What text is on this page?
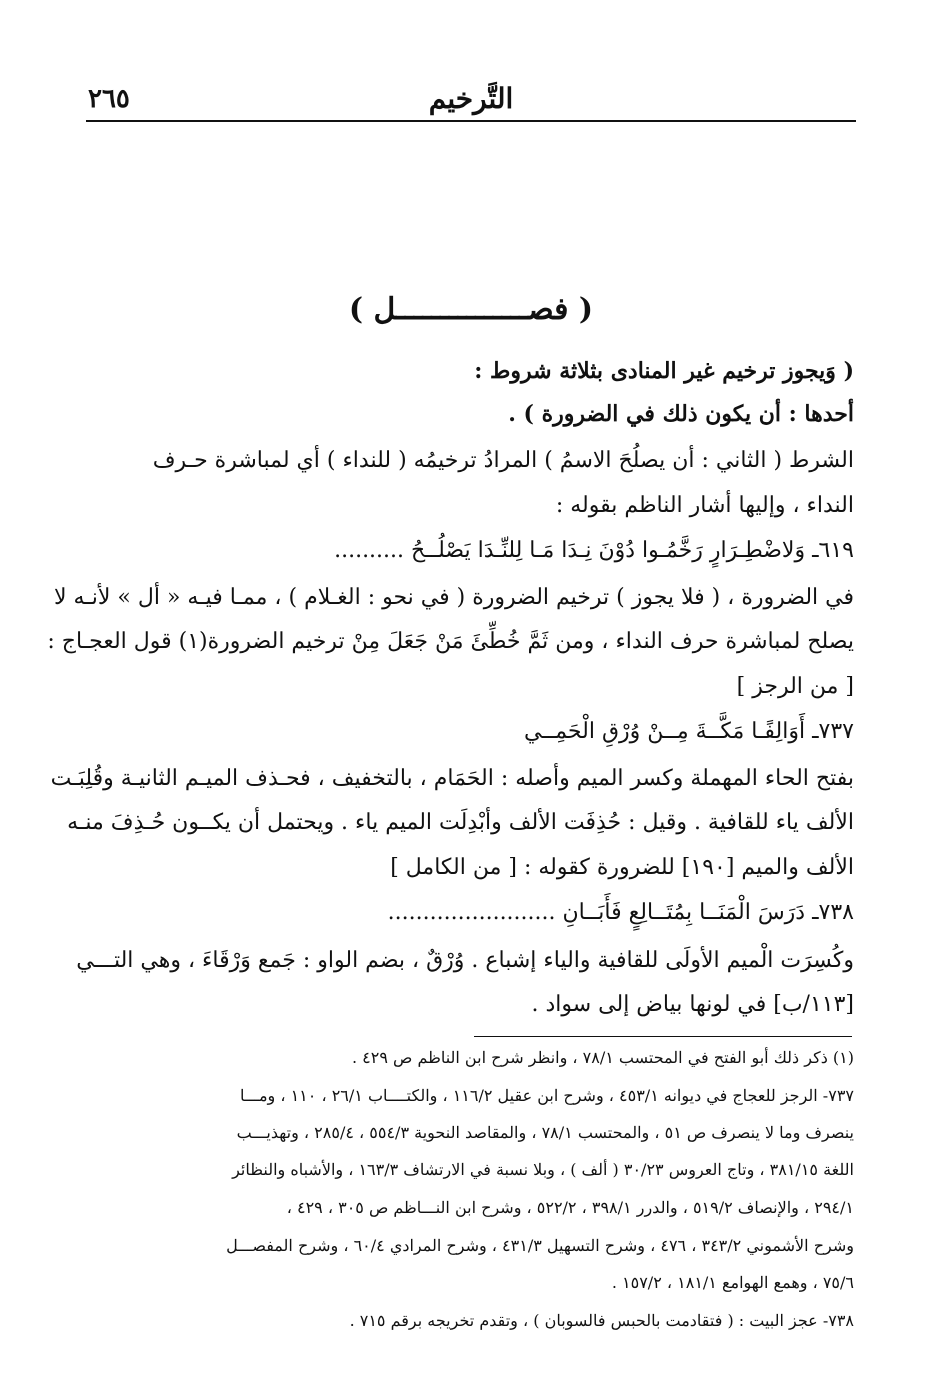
٢٦٥	التَّرخيم
( فصـــــــــــــــل )
( وَيجوز ترخيم غير المنادى بثلاثة شروط :
أحدها : أن يكون ذلك في الضرورة ) .
الشرط ( الثاني : أن يصلُحَ الاسمُ ) المرادُ ترخيمُه ( للنداء ) أي لمباشرة حـرف
النداء ، وإليها أشار الناظم بقوله :
٦١٩ـ وَلاضْطِـرَارٍ رَخَّمُـوا دُوْنَ نِـدَا مَـا لِلنِّـدَا يَصْلُــحُ ..........
في الضرورة ، ( فلا يجوز ) ترخيم الضرورة ( في نحو : الغـلام ) ، ممـا فيـه « أل » لأنـه لا
يصلح لمباشرة حرف النداء ، ومن ثَمَّ خُطِّئَ مَنْ جَعَلَ مِنْ ترخيم الضرورة(١) قول العجـاج :
[ من الرجز ]
٧٣٧ـ أَوَالِفًـا مَكَّــةَ مِــنْ وُرْقِ الْحَمِــي
بفتح الحاء المهملة وكسر الميم وأصله : الحَمَام ، بالتخفيف ، فحـذف الميـم الثانيـة وقُلِبَـت
الألف ياء للقافية . وقيل : حُذِفَت الألف وأبْدِلَت الميم ياء . ويحتمل أن يكــون حُـذِفَ منـه
الألف والميم [١٩٠] للضرورة كقوله : [ من الكامل ]
٧٣٨ـ دَرَسَ الْمَنَــا بِمُتَــالِعٍ فَأَبَــانِ ........................
وكُسِرَت الْميم الأولَى للقافية والياء إشباع . وُرْقٌ ، بضم الواو : جَمع وَرْقَاءَ ، وهي التـــي
[١١٣/ب] في لونها بياض إلى سواد .
(١) ذكر ذلك أبو الفتح في المحتسب ٧٨/١ ، وانظر شرح ابن الناظم ص ٤٢٩ .
٧٣٧- الرجز للعجاج في ديوانه ٤٥٣/١ ، وشرح ابن عقيل ١١٦/٢ ، والكتــــاب ٢٦/١ ، ١١٠ ، ومـــا
ينصرف وما لا ينصرف ص ٥١ ، والمحتسب ٧٨/١ ، والمقاصد النحوية ٥٥٤/٣ ، ٢٨٥/٤ ، وتهذيـــب
اللغة ٣٨١/١٥ ، وتاج العروس ٣٠/٢٣ ( ألف ) ، وبلا نسبة في الارتشاف ١٦٣/٣ ، والأشباه والنظائر
٢٩٤/١ ، والإنصاف ٥١٩/٢ ، والدرر ٣٩٨/١ ، ٥٢٢/٢ ، وشرح ابن النـــاظم ص ٣٠٥ ، ٤٢٩ ،
وشرح الأشموني ٣٤٣/٢ ، ٤٧٦ ، وشرح التسهيل ٤٣١/٣ ، وشرح المرادي ٦٠/٤ ، وشرح المفصـــل
٧٥/٦ ، وهمع الهوامع ١٨١/١ ، ١٥٧/٢ .
٧٣٨- عجز البيت : ( فتقادمت بالحبس فالسوبان ) ، وتقدم تخريجه برقم ٧١٥ .
